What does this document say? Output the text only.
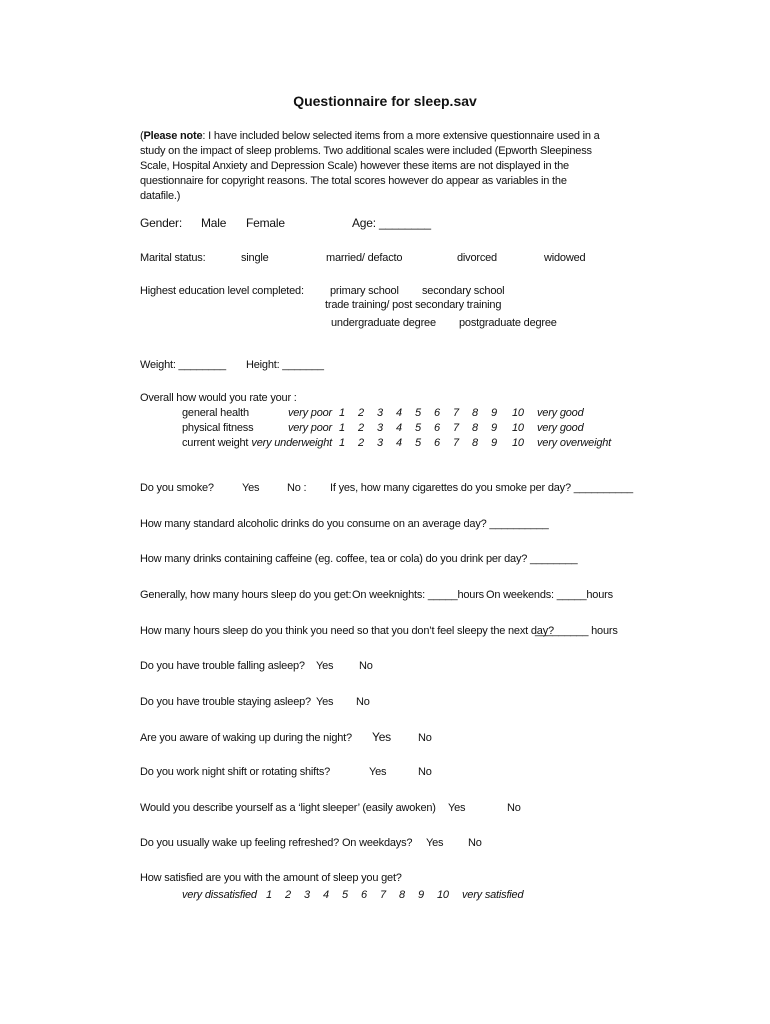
Questionnaire for sleep.sav
(Please note: I have included below selected items from a more extensive questionnaire used in a study on the impact of sleep problems. Two additional scales were included (Epworth Sleepiness Scale, Hospital Anxiety and Depression Scale) however these items are not displayed in the questionnaire for copyright reasons. The total scores however do appear as variables in the datafile.)
Gender: Male Female	Age: ________
Marital status:	single	married/ defacto	divorced	widowed
Highest education level completed: primary school secondary school
trade training/ post secondary training
undergraduate degree postgraduate degree
Weight: ________ Height: _______
Overall how would you rate your :
general health	very poor 1 2 3 4 5 6 7 8 9 10 very good
physical fitness	very poor 1 2 3 4 5 6 7 8 9 10 very good
current weight very underweight 1 2 3 4 5 6 7 8 9 10 very overweight
Do you smoke?	Yes	No : If yes, how many cigarettes do you smoke per day? __________
How many standard alcoholic drinks do you consume on an average day? __________
How many drinks containing caffeine (eg. coffee, tea or cola) do you drink per day? ________
Generally, how many hours sleep do you get: On weeknights: _____hours On weekends: _____hours
How many hours sleep do you think you need so that you don’t feel sleepy the next day?
_________ hours
Do you have trouble falling asleep? Yes No
Do you have trouble staying asleep? Yes No
Are you aware of waking up during the night? Yes No
Do you work night shift or rotating shifts?	Yes	No
Would you describe yourself as a ‘light sleeper’ (easily awoken) Yes	No
Do you usually wake up feeling refreshed? On weekdays? Yes No
How satisfied are you with the amount of sleep you get?
very dissatisfied 1 2 3 4 5 6 7 8 9 10 very satisfied
